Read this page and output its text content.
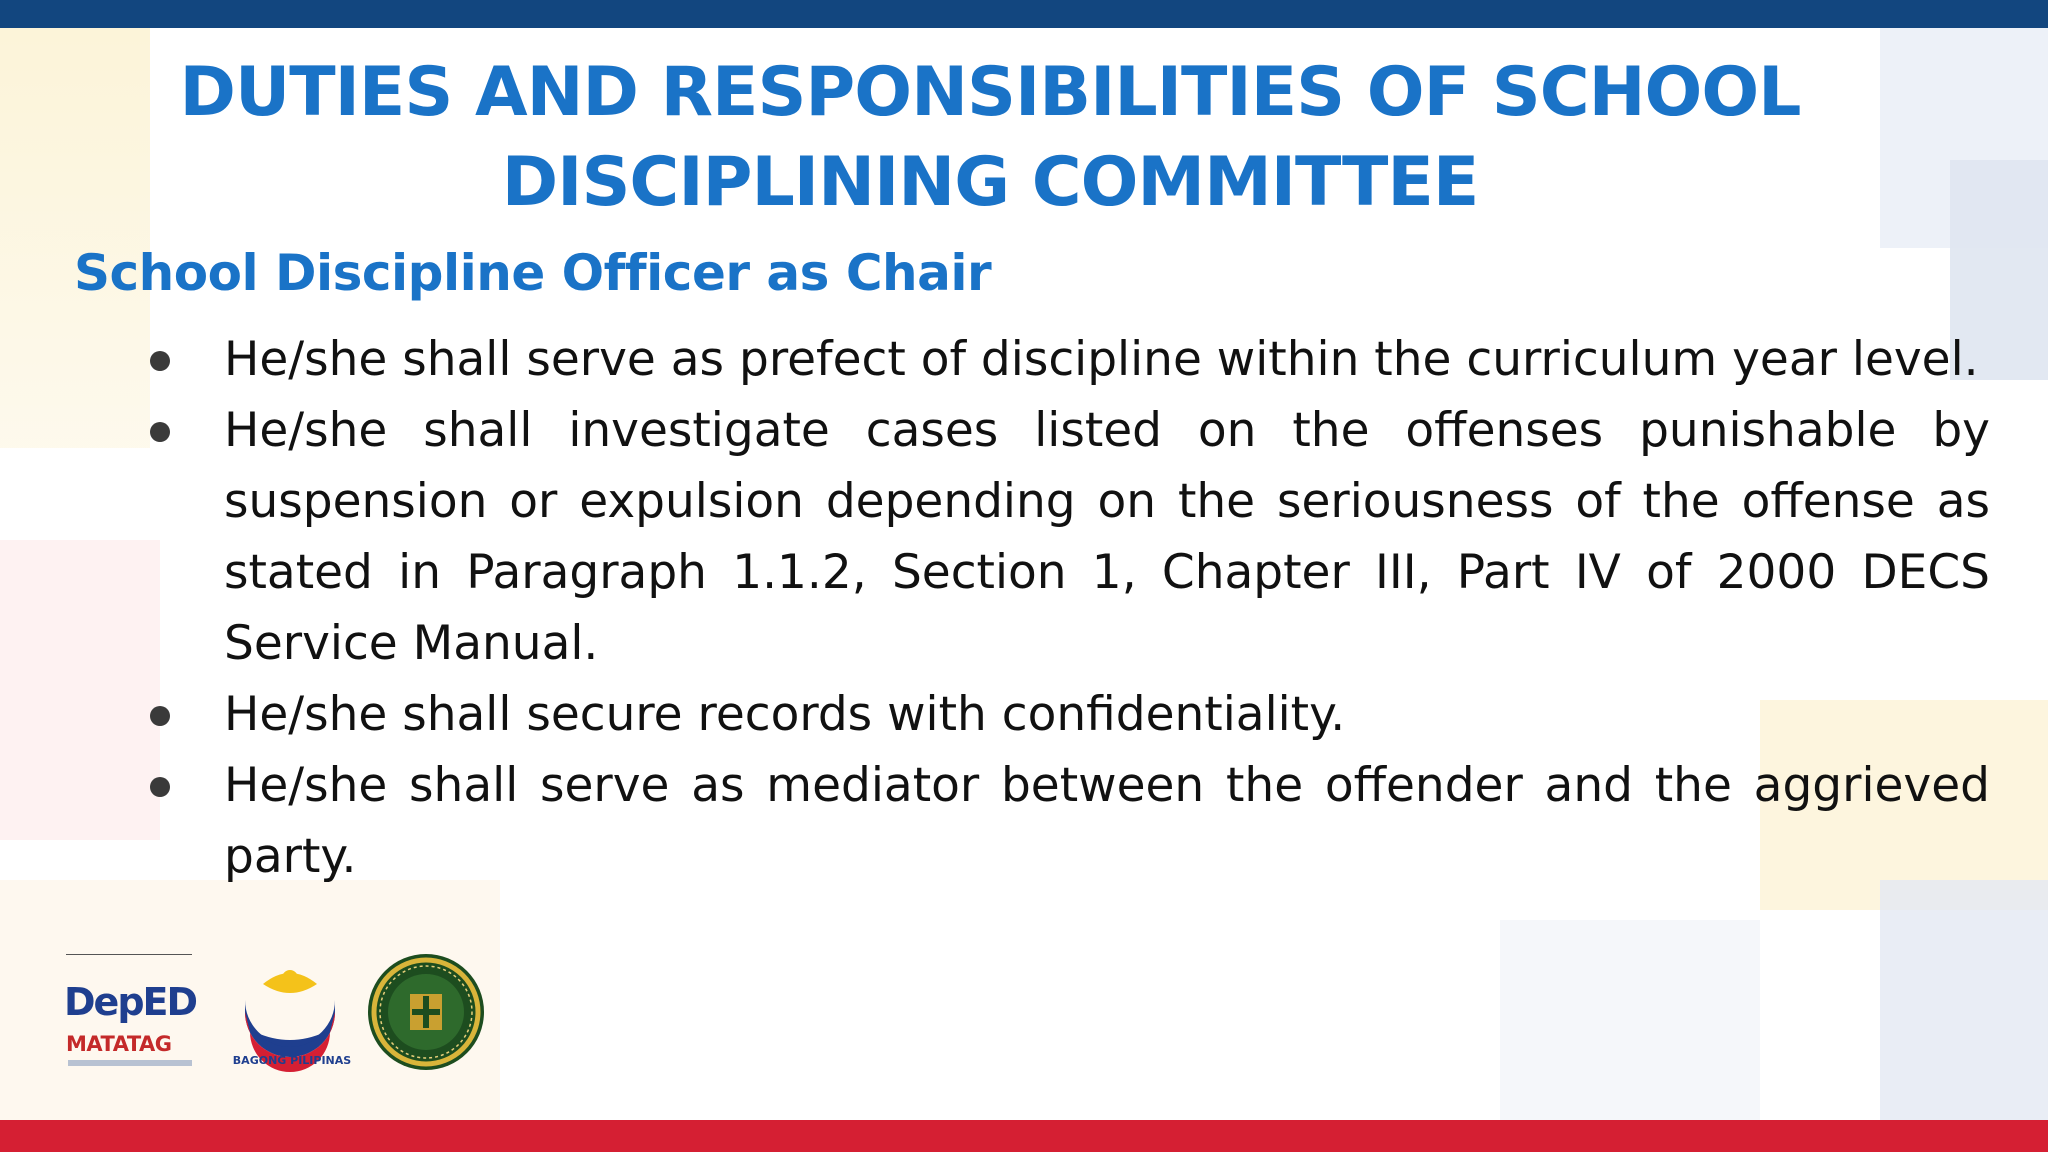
DUTIES AND RESPONSIBILITIES OF SCHOOL
DISCIPLINING COMMITTEE
School Discipline Officer as Chair
He/she shall serve as prefect of discipline within the curriculum year level.
He/she shall investigate cases listed on the offenses punishable by suspension or expulsion depending on the seriousness of the offense as stated in Paragraph 1.1.2, Section 1, Chapter III, Part IV of 2000 DECS Service Manual.
He/she shall secure records with confidentiality.
He/she shall serve as mediator between the offender and the aggrieved party.
DepED
MATATAG
BAGONG PILIPINAS
